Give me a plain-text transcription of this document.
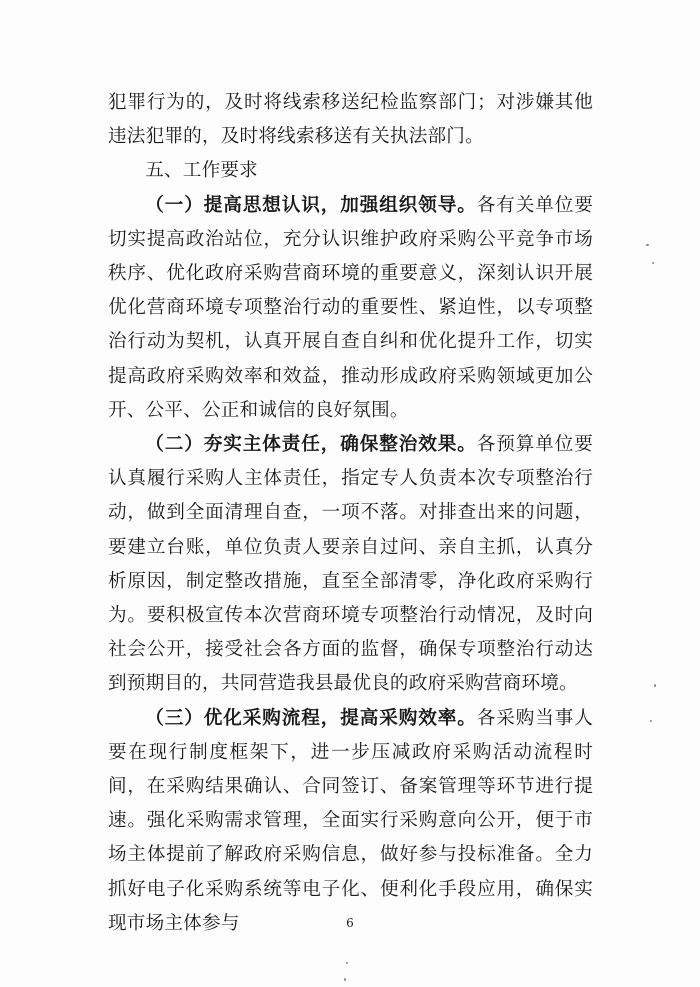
犯罪行为的，及时将线索移送纪检监察部门；对涉嫌其他违法犯罪的，及时将线索移送有关执法部门。

五、工作要求

（一）提高思想认识，加强组织领导。各有关单位要切实提高政治站位，充分认识维护政府采购公平竞争市场秩序、优化政府采购营商环境的重要意义，深刻认识开展优化营商环境专项整治行动的重要性、紧迫性，以专项整治行动为契机，认真开展自查自纠和优化提升工作，切实提高政府采购效率和效益，推动形成政府采购领域更加公开、公平、公正和诚信的良好氛围。

（二）夯实主体责任，确保整治效果。各预算单位要认真履行采购人主体责任，指定专人负责本次专项整治行动，做到全面清理自查，一项不落。对排查出来的问题，要建立台账，单位负责人要亲自过问、亲自主抓，认真分析原因，制定整改措施，直至全部清零，净化政府采购行为。要积极宣传本次营商环境专项整治行动情况，及时向社会公开，接受社会各方面的监督，确保专项整治行动达到预期目的，共同营造我县最优良的政府采购营商环境。

（三）优化采购流程，提高采购效率。各采购当事人要在现行制度框架下，进一步压减政府采购活动流程时间，在采购结果确认、合同签订、备案管理等环节进行提速。强化采购需求管理，全面实行采购意向公开，便于市场主体提前了解政府采购信息，做好参与投标准备。全力抓好电子化采购系统等电子化、便利化手段应用，确保实现市场主体参与	6
